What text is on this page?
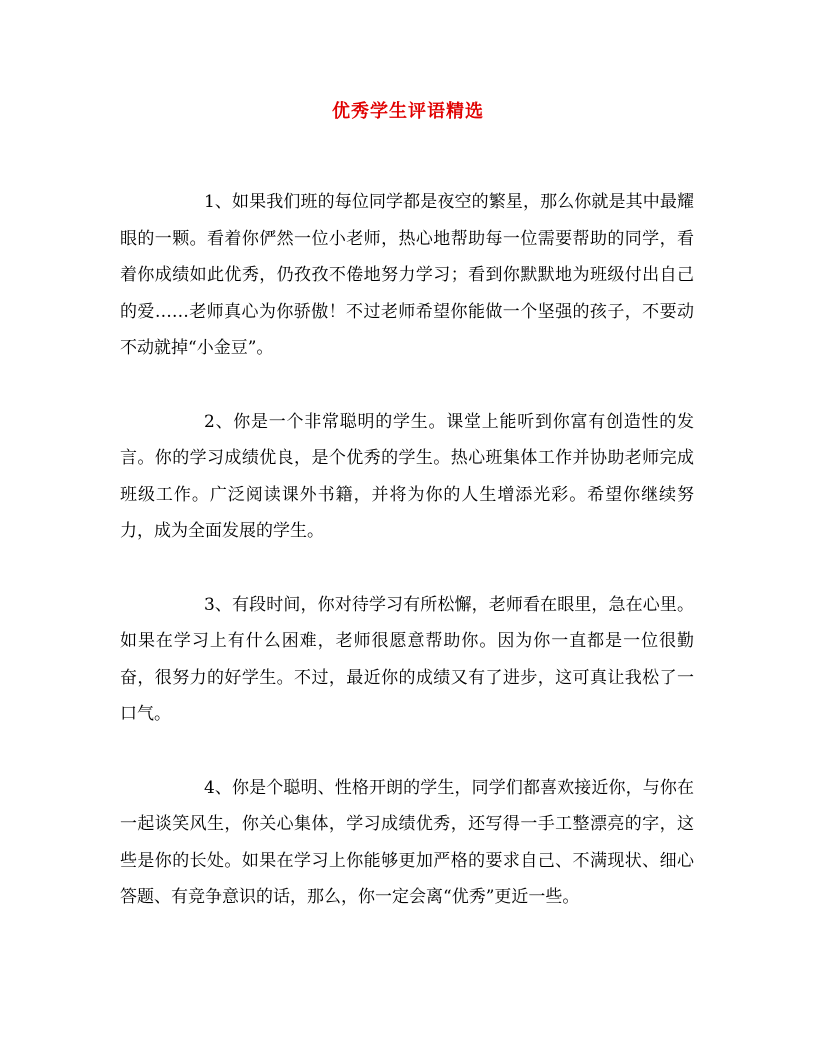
优秀学生评语精选

1、如果我们班的每位同学都是夜空的繁星，那么你就是其中最耀眼的一颗。看着你俨然一位小老师，热心地帮助每一位需要帮助的同学，看着你成绩如此优秀，仍孜孜不倦地努力学习；看到你默默地为班级付出自己的爱……老师真心为你骄傲！不过老师希望你能做一个坚强的孩子，不要动不动就掉“小金豆”。

2、你是一个非常聪明的学生。课堂上能听到你富有创造性的发言。你的学习成绩优良，是个优秀的学生。热心班集体工作并协助老师完成班级工作。广泛阅读课外书籍，并将为你的人生增添光彩。希望你继续努力，成为全面发展的学生。

3、有段时间，你对待学习有所松懈，老师看在眼里，急在心里。如果在学习上有什么困难，老师很愿意帮助你。因为你一直都是一位很勤奋，很努力的好学生。不过，最近你的成绩又有了进步，这可真让我松了一口气。

4、你是个聪明、性格开朗的学生，同学们都喜欢接近你，与你在一起谈笑风生，你关心集体，学习成绩优秀，还写得一手工整漂亮的字，这些是你的长处。如果在学习上你能够更加严格的要求自己、不满现状、细心答题、有竞争意识的话，那么，你一定会离“优秀”更近一些。
